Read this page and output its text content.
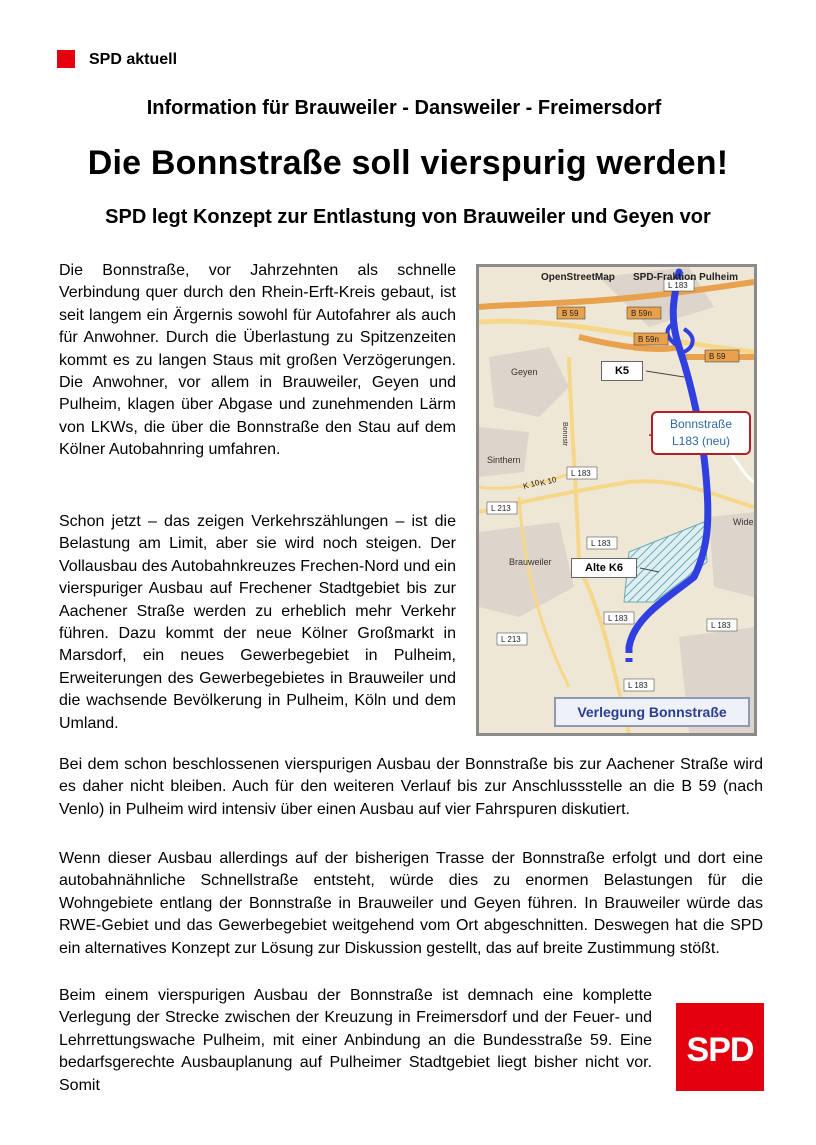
SPD aktuell
Information für Brauweiler - Dansweiler - Freimersdorf
Die Bonnstraße soll vierspurig werden!
SPD legt Konzept zur Entlastung von Brauweiler und Geyen vor

Die Bonnstraße, vor Jahrzehnten als schnelle Verbindung quer durch den Rhein-Erft-Kreis gebaut, ist seit langem ein Ärgernis sowohl für Autofahrer als auch für Anwohner. Durch die Überlastung zu Spitzenzeiten kommt es zu langen Staus mit großen Verzögerungen. Die Anwohner, vor allem in Brauweiler, Geyen und Pulheim, klagen über Abgase und zunehmenden Lärm von LKWs, die über die Bonnstraße den Stau auf dem Kölner Autobahnring umfahren.

Schon jetzt – das zeigen Verkehrszählungen – ist die Belastung am Limit, aber sie wird noch steigen. Der Vollausbau des Autobahnkreuzes Frechen-Nord und ein vierspuriger Ausbau auf Frechener Stadtgebiet bis zur Aachener Straße werden zu erheblich mehr Verkehr führen. Dazu kommt der neue Kölner Großmarkt in Marsdorf, ein neues Gewerbegebiet in Pulheim, Erweiterungen des Gewerbegebietes in Brauweiler und die wachsende Bevölkerung in Pulheim, Köln und dem Umland.

Bei dem schon beschlossenen vierspurigen Ausbau der Bonnstraße bis zur Aachener Straße wird es daher nicht bleiben. Auch für den weiteren Verlauf bis zur Anschlussstelle an die B 59 (nach Venlo) in Pulheim wird intensiv über einen Ausbau auf vier Fahrspuren diskutiert.

Wenn dieser Ausbau allerdings auf der bisherigen Trasse der Bonnstraße erfolgt und dort eine autobahnähnliche Schnellstraße entsteht, würde dies zu enormen Belastungen für die Wohngebiete entlang der Bonnstraße in Brauweiler und Geyen führen. In Brauweiler würde das RWE-Gebiet und das Gewerbegebiet weitgehend vom Ort abgeschnitten. Deswegen hat die SPD ein alternatives Konzept zur Lösung zur Diskussion gestellt, das auf breite Zustimmung stößt.

Beim einem vierspurigen Ausbau der Bonnstraße ist demnach eine komplette Verlegung der Strecke zwischen der Kreuzung in Freimersdorf und der Feuer- und Lehrrettungswache Pulheim, mit einer Anbindung an die Bundesstraße 59. Eine bedarfsgerechte Ausbauplanung auf Pulheimer Stadtgebiet liegt bisher nicht vor. Somit

B 59	B 59n
B 59n
B 59
L 183
L 183
L 183
L 183
L 183
L 213
L 213
L 183
K 10
K 10
Geyen
Sinthern
Brauweiler
Wide
Bonnstr
OpenStreetMap SPD-Fraktion Pulheim
K5
Alte K6
Bonnstraße
L183 (neu)
Verlegung Bonnstraße
SPD
